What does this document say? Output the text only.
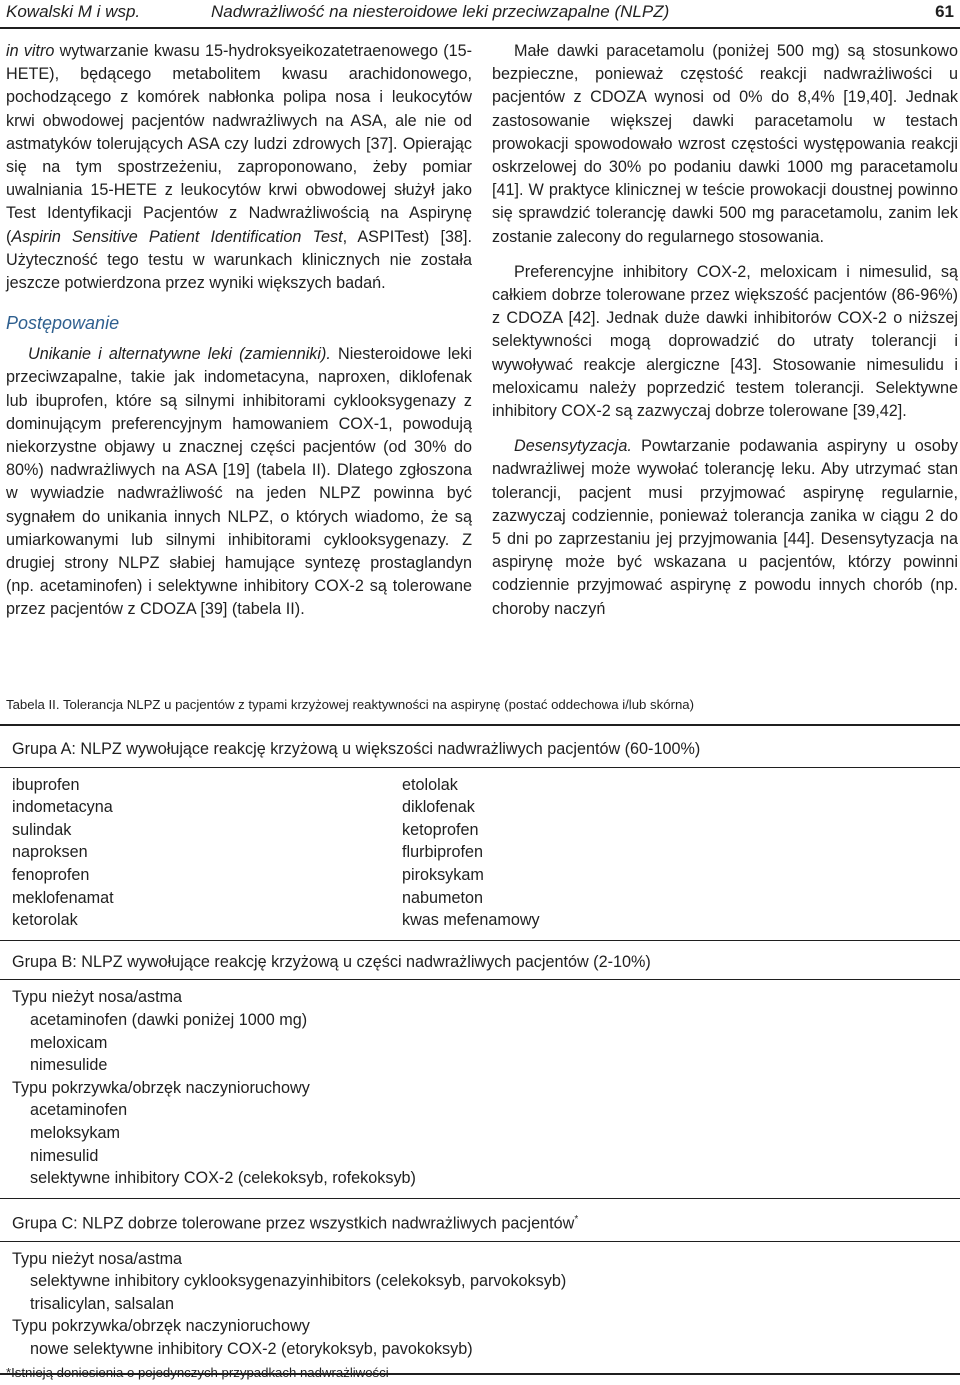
Kowalski M i wsp.	Nadwrażliwość na niesteroidowe leki przeciwzapalne (NLPZ)	61

in vitro wytwarzanie kwasu 15-hydroksyeikozatetraenowego (15-HETE), będącego metabolitem kwasu arachidonowego, pochodzącego z komórek nabłonka polipa nosa i leukocytów krwi obwodowej pacjentów nadwrażliwych na ASA, ale nie od astmatyków tolerujących ASA czy ludzi zdrowych [37]. Opierając się na tym spostrzeżeniu, zaproponowano, żeby pomiar uwalniania 15-HETE z leukocytów krwi obwodowej służył jako Test Identyfikacji Pacjentów z Nadwrażliwością na Aspirynę (Aspirin Sensitive Patient Identification Test, ASPITest) [38]. Użyteczność tego testu w warunkach klinicznych nie została jeszcze potwierdzona przez wyniki większych badań.

Postępowanie

Unikanie i alternatywne leki (zamienniki). Niesteroidowe leki przeciwzapalne, takie jak indometacyna, naproxen, diklofenak lub ibuprofen, które są silnymi inhibitorami cyklooksygenazy z dominującym preferencyjnym hamowaniem COX-1, powodują niekorzystne objawy u znacznej części pacjentów (od 30% do 80%) nadwrażliwych na ASA [19] (tabela II). Dlatego zgłoszona w wywiadzie nadwrażliwość na jeden NLPZ powinna być sygnałem do unikania innych NLPZ, o których wiadomo, że są umiarkowanymi lub silnymi inhibitorami cyklooksygenazy. Z drugiej strony NLPZ słabiej hamujące syntezę prostaglandyn (np. acetaminofen) i selektywne inhibitory COX-2 są tolerowane przez pacjentów z CDOZA [39] (tabela II).

Małe dawki paracetamolu (poniżej 500 mg) są stosunkowo bezpieczne, ponieważ częstość reakcji nadwrażliwości u pacjentów z CDOZA wynosi od 0% do 8,4% [19,40]. Jednak zastosowanie większej dawki paracetamolu w testach prowokacji spowodowało wzrost częstości występowania reakcji oskrzelowej do 30% po podaniu dawki 1000 mg paracetamolu [41]. W praktyce klinicznej w teście prowokacji doustnej powinno się sprawdzić tolerancję dawki 500 mg paracetamolu, zanim lek zostanie zalecony do regularnego stosowania.

Preferencyjne inhibitory COX-2, meloxicam i nimesulid, są całkiem dobrze tolerowane przez większość pacjentów (86-96%) z CDOZA [42]. Jednak duże dawki inhibitorów COX-2 o niższej selektywności mogą doprowadzić do utraty tolerancji i wywoływać reakcje alergiczne [43]. Stosowanie nimesulidu i meloxicamu należy poprzedzić testem tolerancji. Selektywne inhibitory COX-2 są zazwyczaj dobrze tolerowane [39,42].

Desensytyzacja. Powtarzanie podawania aspiryny u osoby nadwrażliwej może wywołać tolerancję leku. Aby utrzymać stan tolerancji, pacjent musi przyjmować aspirynę regularnie, zazwyczaj codziennie, ponieważ tolerancja zanika w ciągu 2 do 5 dni po zaprzestaniu jej przyjmowania [44]. Desensytyzacja na aspirynę może być wskazana u pacjentów, którzy powinni codziennie przyjmować aspirynę z powodu innych chorób (np. choroby naczyń

Tabela II. Tolerancja NLPZ u pacjentów z typami krzyżowej reaktywności na aspirynę (postać oddechowa i/lub skórna)
Grupa A: NLPZ wywołujące reakcję krzyżową u większości nadwrażliwych pacjentów (60-100%)
ibuprofen
indometacyna
sulindak
naproksen
fenoprofen
meklofenamat
ketorolak
etololak
diklofenak
ketoprofen
flurbiprofen
piroksykam
nabumeton
kwas mefenamowy
Grupa B: NLPZ wywołujące reakcję krzyżową u części nadwrażliwych pacjentów (2-10%)
Typu nieżyt nosa/astma
acetaminofen (dawki poniżej 1000 mg)
meloxicam
nimesulide
Typu pokrzywka/obrzęk naczynioruchowy
acetaminofen
meloksykam
nimesulid
selektywne inhibitory COX-2 (celekoksyb, rofekoksyb)
Grupa C: NLPZ dobrze tolerowane przez wszystkich nadwrażliwych pacjentów*
Typu nieżyt nosa/astma
selektywne inhibitory cyklooksygenazyinhibitors (celekoksyb, parvokoksyb)
trisalicylan, salsalan
Typu pokrzywka/obrzęk naczynioruchowy
nowe selektywne inhibitory COX-2 (etorykoksyb, pavokoksyb)
*Istnieją doniesienia o pojedynczych przypadkach nadwrażliwości
